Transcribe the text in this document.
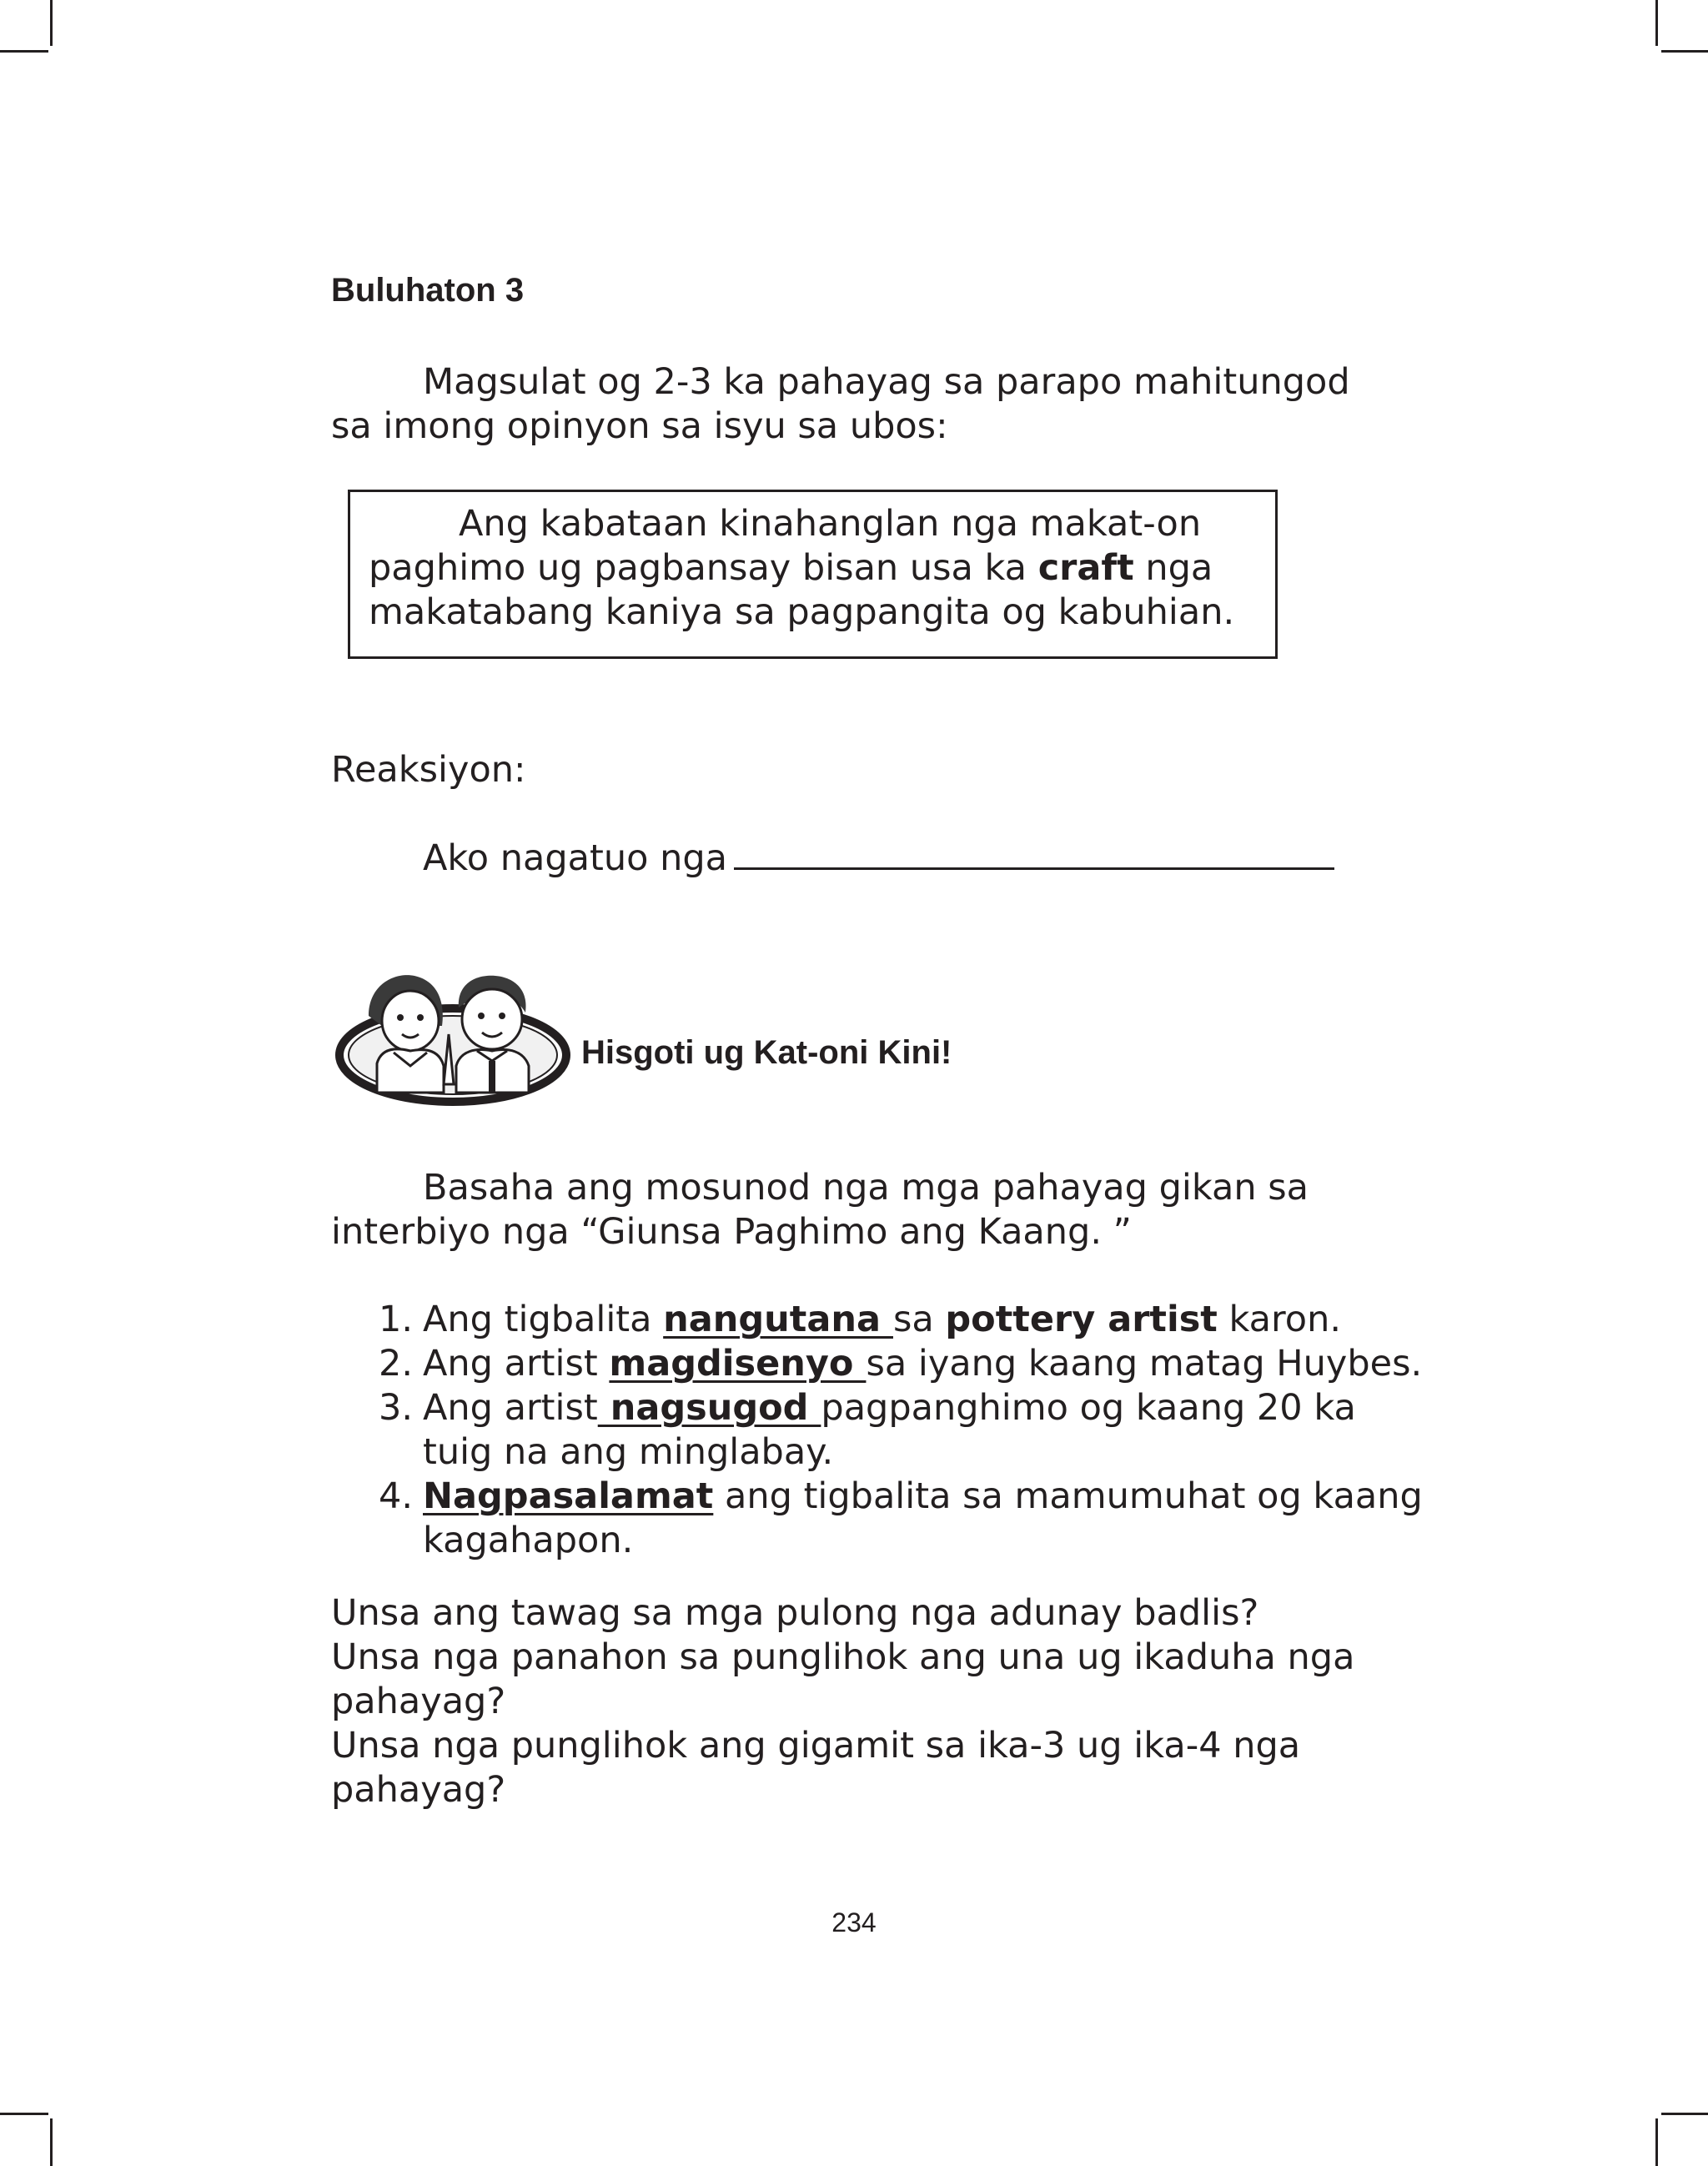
Buluhaton 3
Magsulat og 2-3 ka pahayag sa parapo mahitungod
sa imong opinyon sa isyu sa ubos:
Ang kabataan kinahanglan nga makat-on
paghimo ug pagbansay bisan usa ka craft nga
makatabang kaniya sa pagpangita og kabuhian.
Reaksiyon:
Ako nagatuo nga
Hisgoti ug Kat-oni Kini!
Basaha ang mosunod nga mga pahayag gikan sa
interbiyo nga “Giunsa Paghimo ang Kaang. ”
1. Ang tigbalita nangutana sa pottery artist karon.
2. Ang artist magdisenyo sa iyang kaang matag Huybes.
3. Ang artist nagsugod pagpanghimo og kaang 20 ka
tuig na ang minglabay.
4. Nagpasalamat ang tigbalita sa mamumuhat og kaang
kagahapon.
Unsa ang tawag sa mga pulong nga adunay badlis?
Unsa nga panahon sa punglihok ang una ug ikaduha nga
pahayag?
Unsa nga punglihok ang gigamit sa ika-3 ug ika-4 nga
pahayag?
234
